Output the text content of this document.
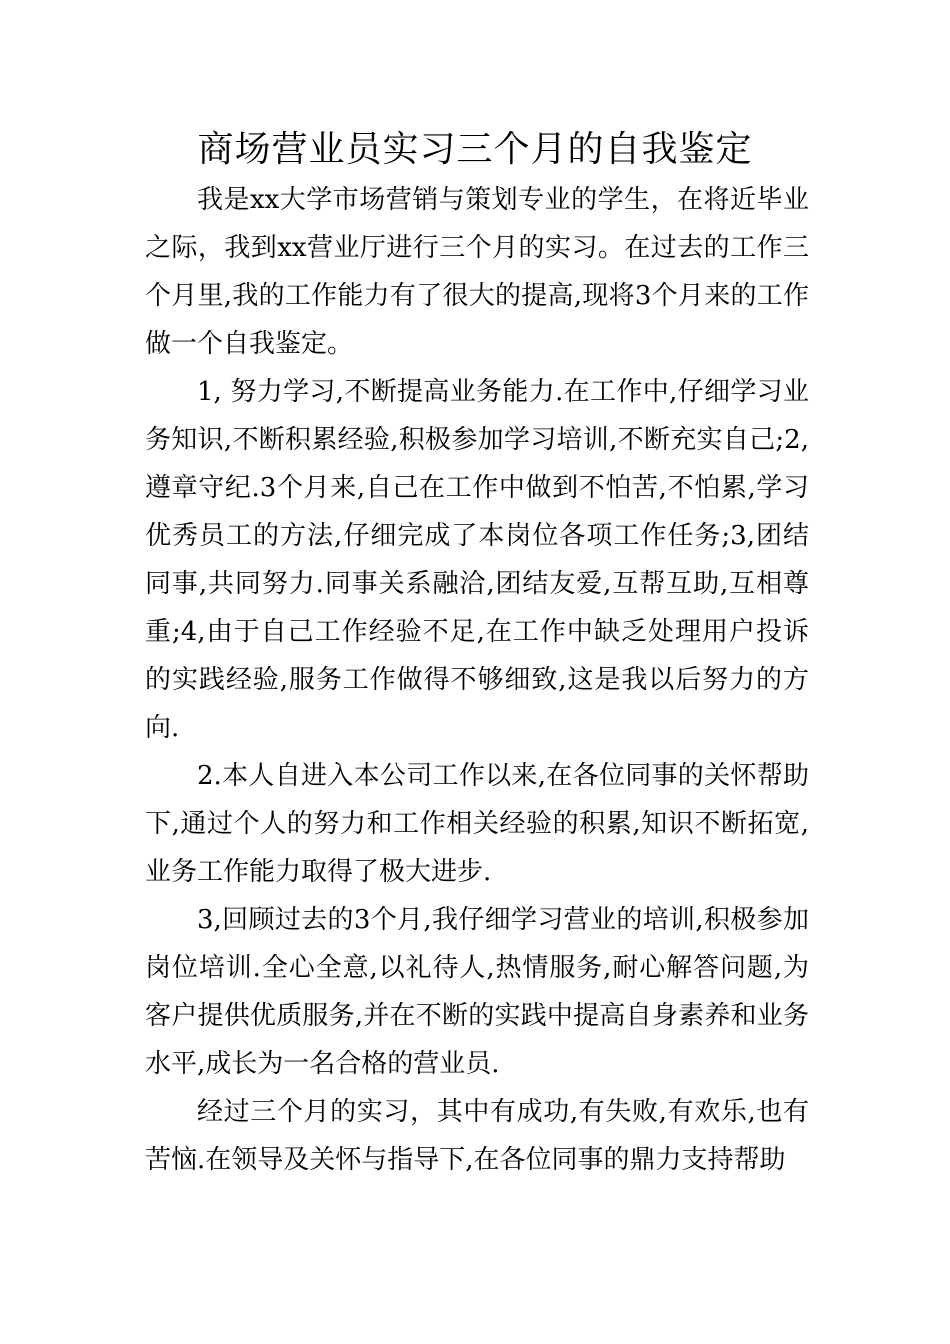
商场营业员实习三个月的自我鉴定

我是xx大学市场营销与策划专业的学生，在将近毕业之际，我到xx营业厅进行三个月的实习。在过去的工作三个月里,我的工作能力有了很大的提高,现将3个月来的工作做一个自我鉴定。

1, 努力学习,不断提高业务能力.在工作中,仔细学习业务知识,不断积累经验,积极参加学习培训,不断充实自己;2,遵章守纪.3个月来,自己在工作中做到不怕苦,不怕累,学习优秀员工的方法,仔细完成了本岗位各项工作任务;3,团结同事,共同努力.同事关系融洽,团结友爱,互帮互助,互相尊重;4,由于自己工作经验不足,在工作中缺乏处理用户投诉的实践经验,服务工作做得不够细致,这是我以后努力的方向.

2.本人自进入本公司工作以来,在各位同事的关怀帮助下,通过个人的努力和工作相关经验的积累,知识不断拓宽,业务工作能力取得了极大进步.

3,回顾过去的3个月,我仔细学习营业的培训,积极参加岗位培训.全心全意,以礼待人,热情服务,耐心解答问题,为客户提供优质服务,并在不断的实践中提高自身素养和业务水平,成长为一名合格的营业员.

经过三个月的实习，其中有成功,有失败,有欢乐,也有苦恼.在领导及关怀与指导下,在各位同事的鼎力支持帮助
